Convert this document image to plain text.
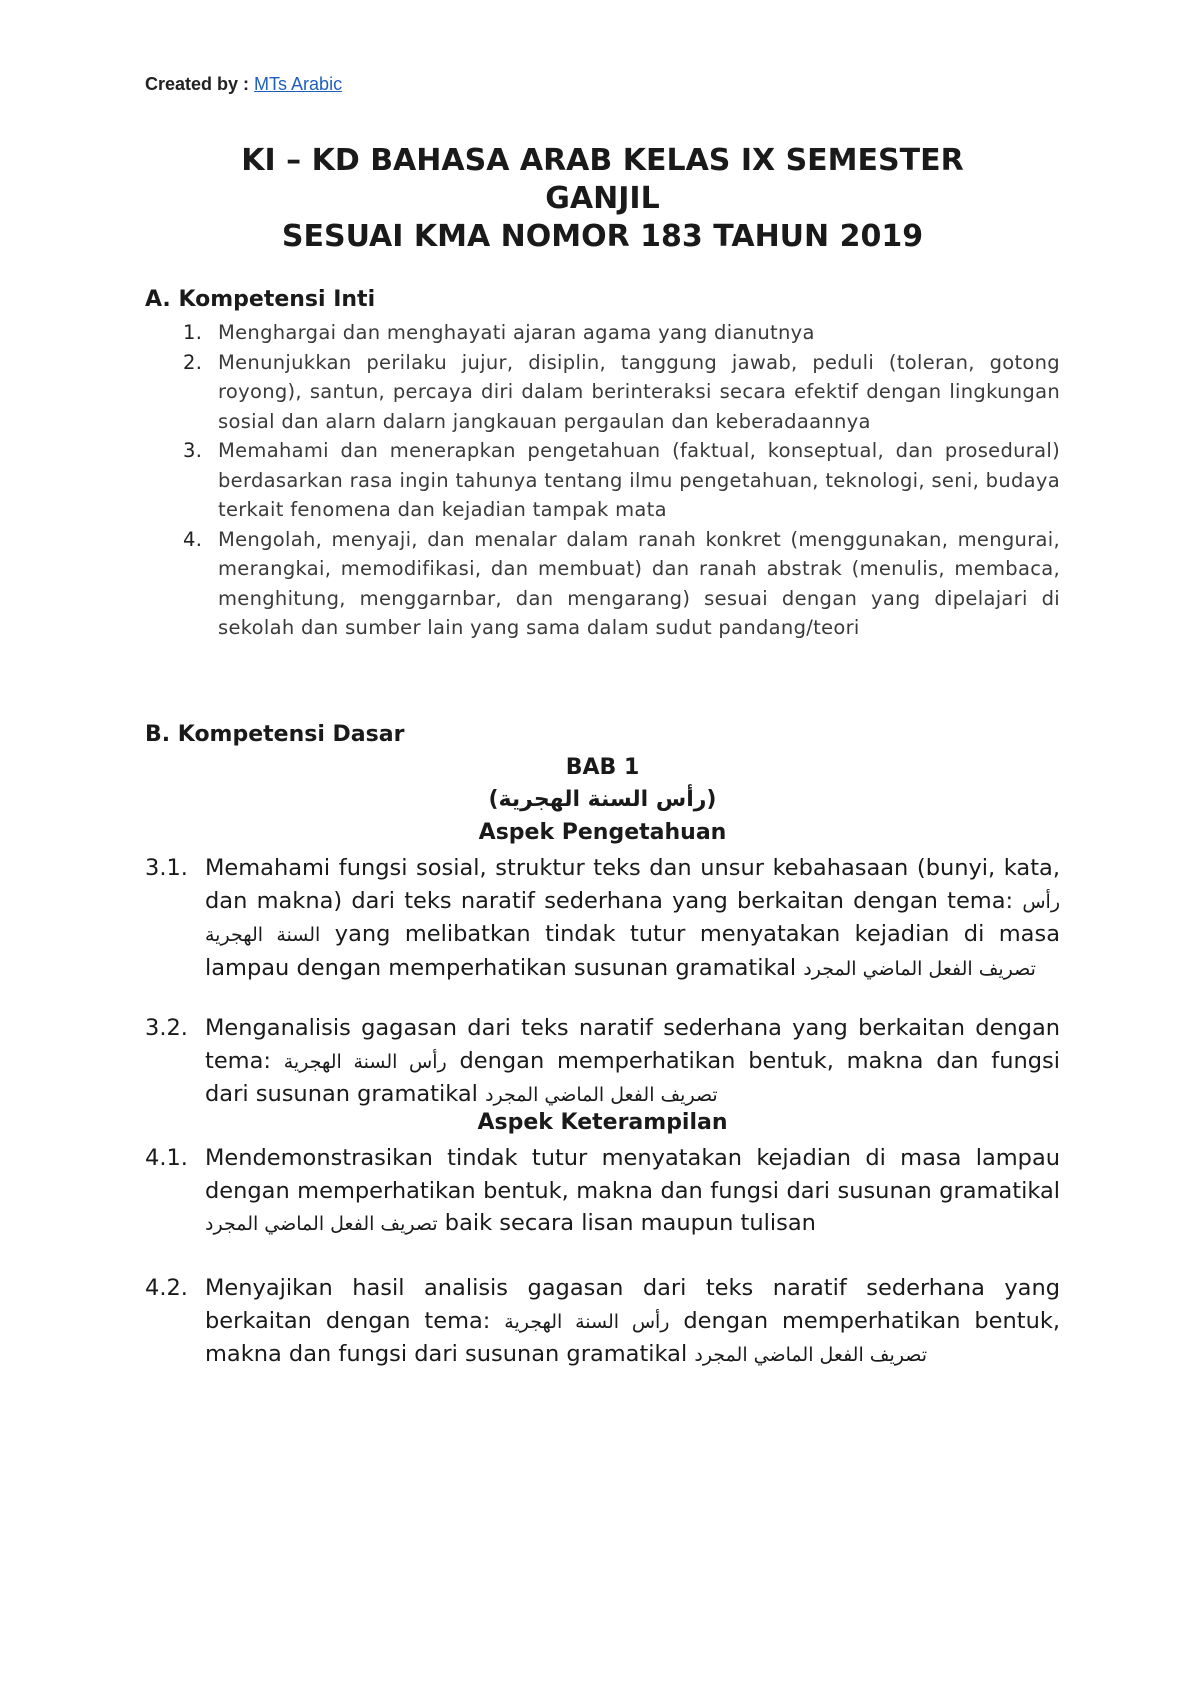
Created by : MTs Arabic
KI – KD BAHASA ARAB KELAS IX SEMESTER
GANJIL
SESUAI KMA NOMOR 183 TAHUN 2019
A. Kompetensi Inti
1. Menghargai dan menghayati ajaran agama yang dianutnya
2. Menunjukkan perilaku jujur, disiplin, tanggung jawab, peduli (toleran, gotong royong), santun, percaya diri dalam berinteraksi secara efektif dengan lingkungan sosial dan alarn dalarn jangkauan pergaulan dan keberadaannya
3. Memahami dan menerapkan pengetahuan (faktual, konseptual, dan prosedural) berdasarkan rasa ingin tahunya tentang ilmu pengetahuan, teknologi, seni, budaya terkait fenomena dan kejadian tampak mata
4. Mengolah, menyaji, dan menalar dalam ranah konkret (menggunakan, mengurai, merangkai, memodifikasi, dan membuat) dan ranah abstrak (menulis, membaca, menghitung, menggarnbar, dan mengarang) sesuai dengan yang dipelajari di sekolah dan sumber lain yang sama dalam sudut pandang/teori
B. Kompetensi Dasar
BAB 1
(رأس السنة الهجرية)
Aspek Pengetahuan
3.1. Memahami fungsi sosial, struktur teks dan unsur kebahasaan (bunyi, kata, dan makna) dari teks naratif sederhana yang berkaitan dengan tema: رأس السنة الهجرية yang melibatkan tindak tutur menyatakan kejadian di masa lampau dengan memperhatikan susunan gramatikal تصريف الفعل الماضي المجرد
3.2. Menganalisis gagasan dari teks naratif sederhana yang berkaitan dengan tema: رأس السنة الهجرية dengan memperhatikan bentuk, makna dan fungsi dari susunan gramatikal تصريف الفعل الماضي المجرد
Aspek Keterampilan
4.1. Mendemonstrasikan tindak tutur menyatakan kejadian di masa lampau dengan memperhatikan bentuk, makna dan fungsi dari susunan gramatikal تصريف الفعل الماضي المجرد baik secara lisan maupun tulisan
4.2. Menyajikan hasil analisis gagasan dari teks naratif sederhana yang berkaitan dengan tema: رأس السنة الهجرية dengan memperhatikan bentuk, makna dan fungsi dari susunan gramatikal تصريف الفعل الماضي المجرد
